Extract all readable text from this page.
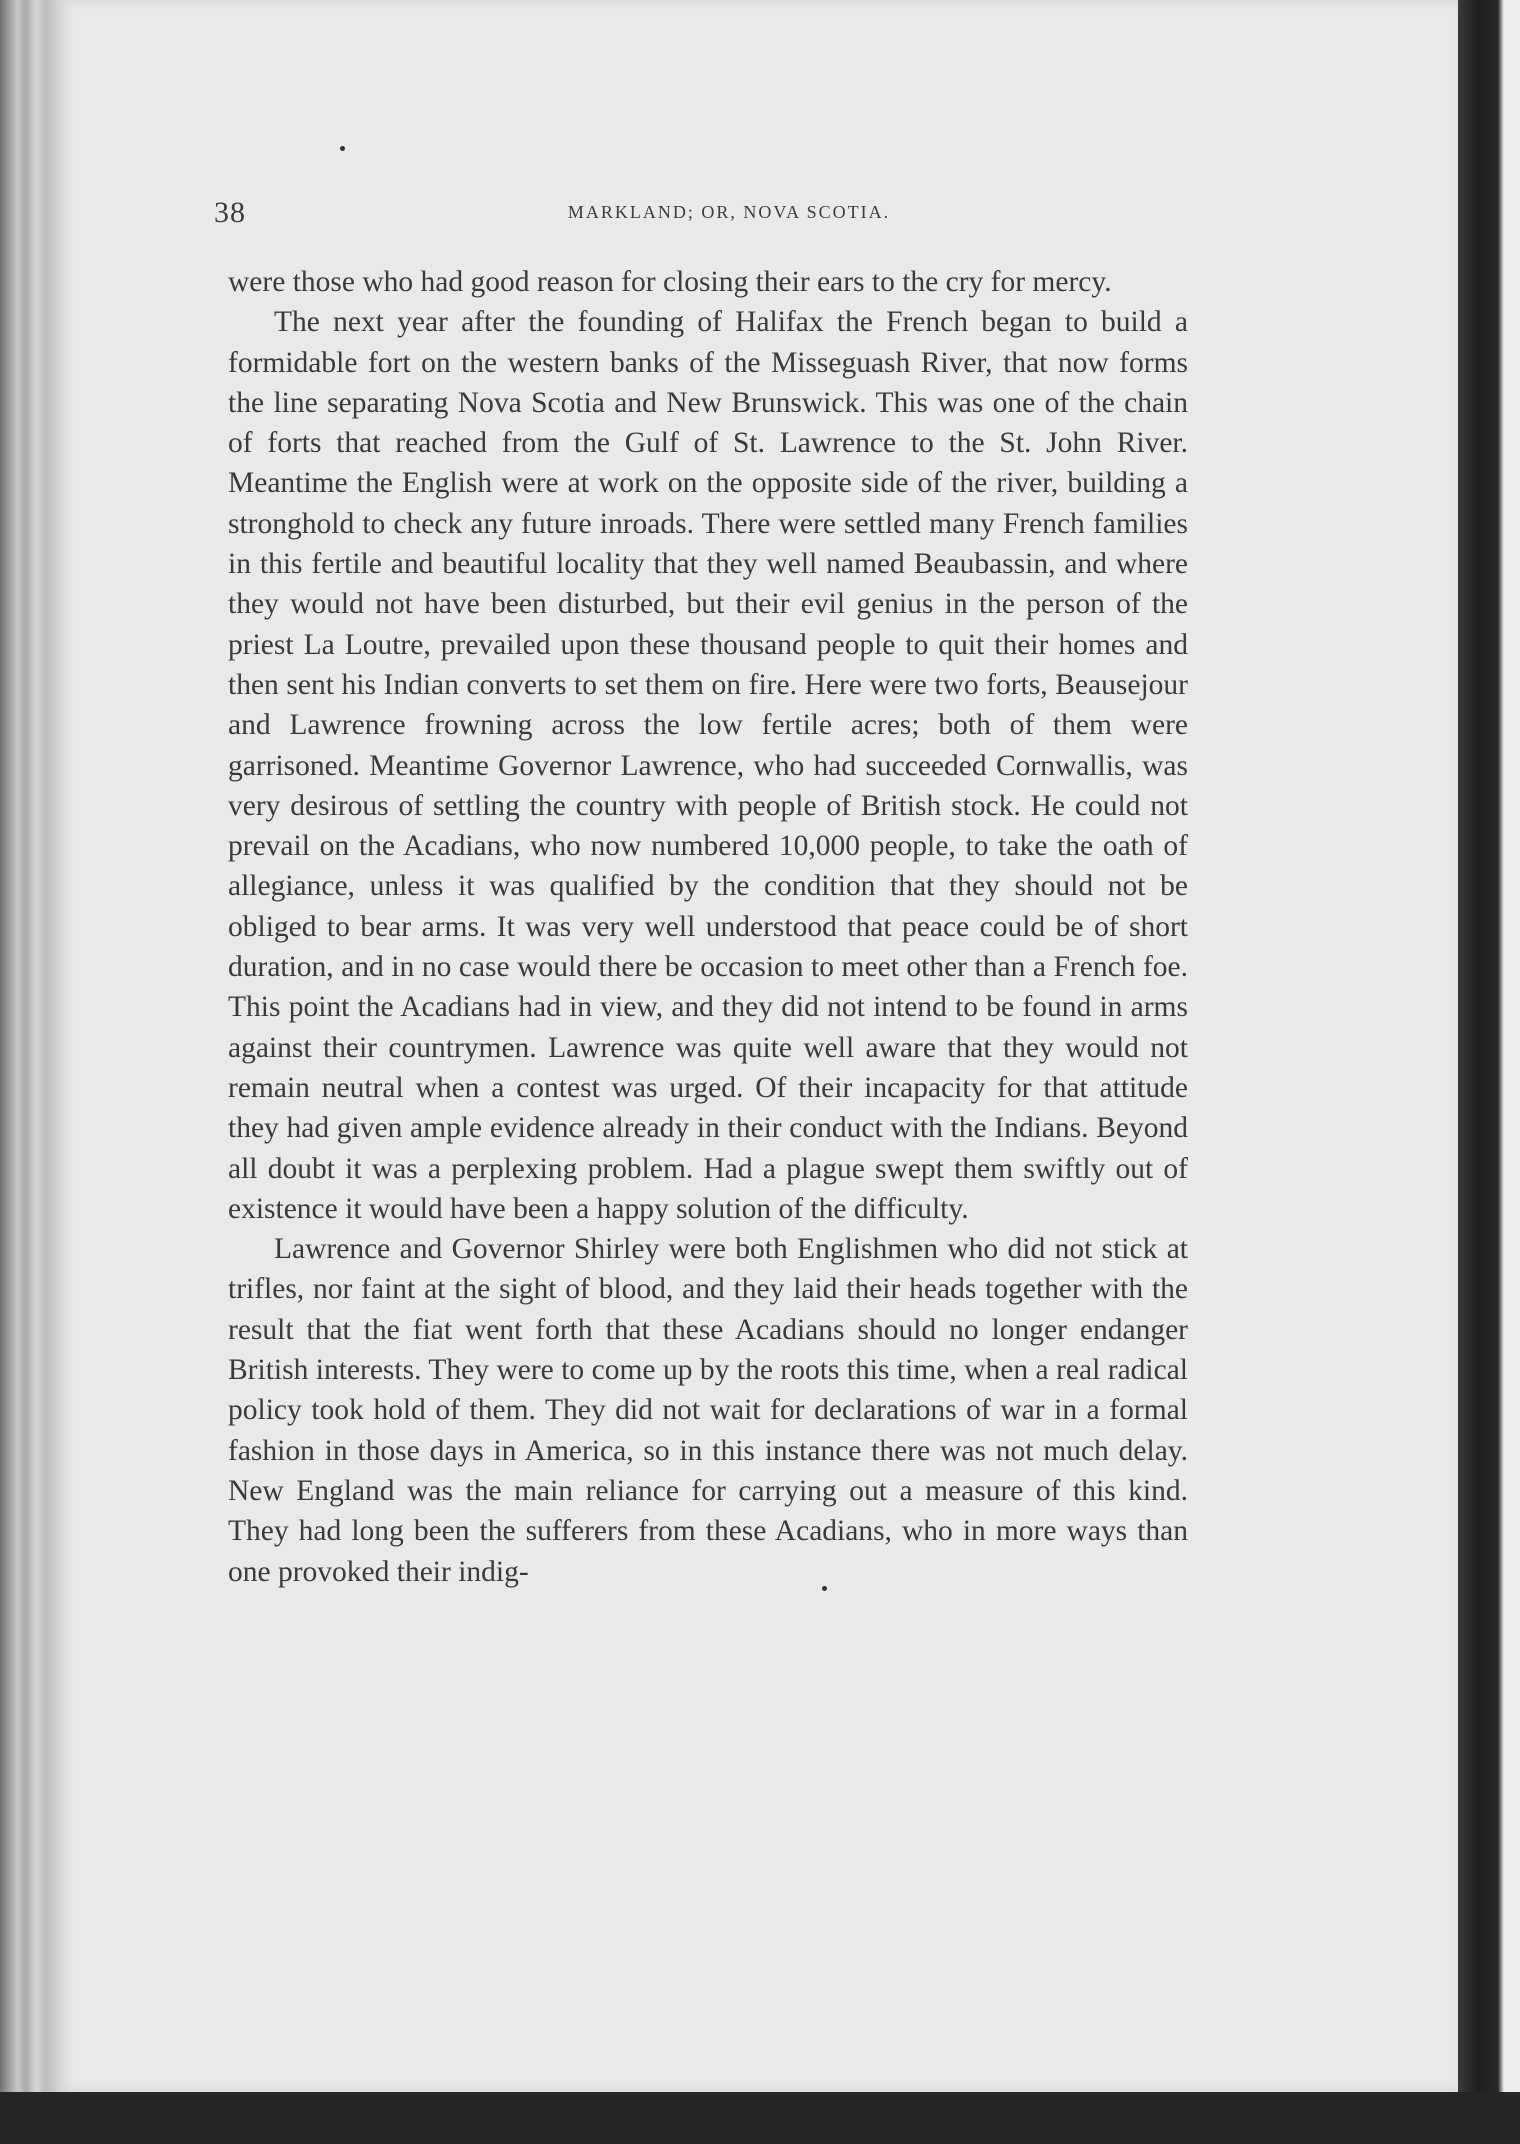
38	MARKLAND; OR, NOVA SCOTIA.

were those who had good reason for closing their ears to the cry for mercy.

The next year after the founding of Halifax the French began to build a formidable fort on the western banks of the Misseguash River, that now forms the line separating Nova Scotia and New Brunswick. This was one of the chain of forts that reached from the Gulf of St. Lawrence to the St. John River. Meantime the English were at work on the opposite side of the river, building a stronghold to check any future inroads. There were settled many French families in this fertile and beautiful locality that they well named Beaubassin, and where they would not have been disturbed, but their evil genius in the person of the priest La Loutre, prevailed upon these thousand people to quit their homes and then sent his Indian converts to set them on fire. Here were two forts, Beausejour and Lawrence frowning across the low fertile acres; both of them were garrisoned. Meantime Governor Lawrence, who had succeeded Cornwallis, was very desirous of settling the country with people of British stock. He could not prevail on the Acadians, who now numbered 10,000 people, to take the oath of allegiance, unless it was qualified by the condition that they should not be obliged to bear arms. It was very well understood that peace could be of short duration, and in no case would there be occasion to meet other than a French foe. This point the Acadians had in view, and they did not intend to be found in arms against their countrymen. Lawrence was quite well aware that they would not remain neutral when a contest was urged. Of their incapacity for that attitude they had given ample evidence already in their conduct with the Indians. Beyond all doubt it was a perplexing problem. Had a plague swept them swiftly out of existence it would have been a happy solution of the difficulty.

Lawrence and Governor Shirley were both Englishmen who did not stick at trifles, nor faint at the sight of blood, and they laid their heads together with the result that the fiat went forth that these Acadians should no longer endanger British interests. They were to come up by the roots this time, when a real radical policy took hold of them. They did not wait for declarations of war in a formal fashion in those days in America, so in this instance there was not much delay. New England was the main reliance for carrying out a measure of this kind. They had long been the sufferers from these Acadians, who in more ways than one provoked their indig-
